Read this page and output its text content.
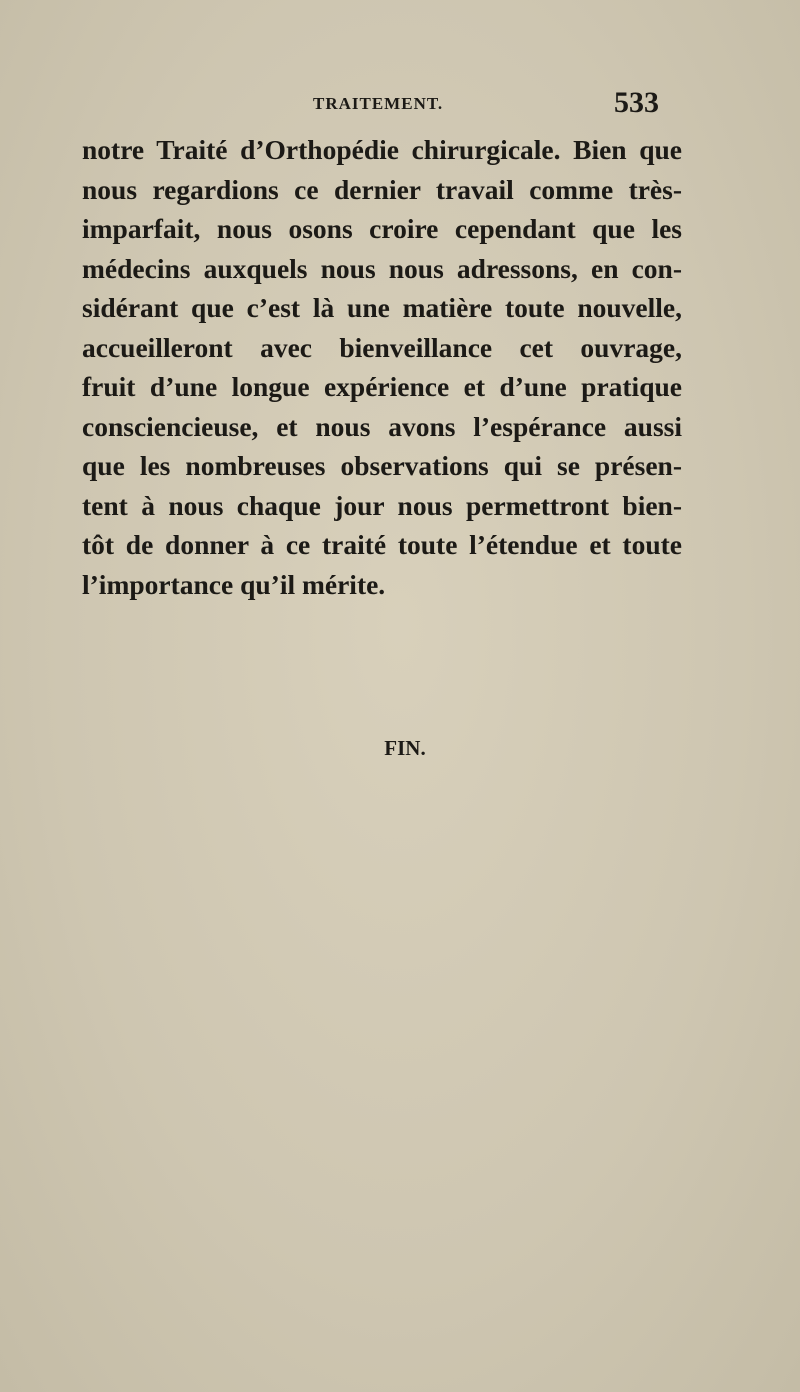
TRAITEMENT.	533
notre Traité d’Orthopédie chirurgicale. Bien que
nous regardions ce dernier travail comme très-
imparfait, nous osons croire cependant que les
médecins auxquels nous nous adressons, en con-
sidérant que c’est là une matière toute nouvelle,
accueilleront avec bienveillance cet ouvrage,
fruit d’une longue expérience et d’une pratique
consciencieuse, et nous avons l’espérance aussi
que les nombreuses observations qui se présen-
tent à nous chaque jour nous permettront bien-
tôt de donner à ce traité toute l’étendue et toute
l’importance qu’il mérite.
FIN.
